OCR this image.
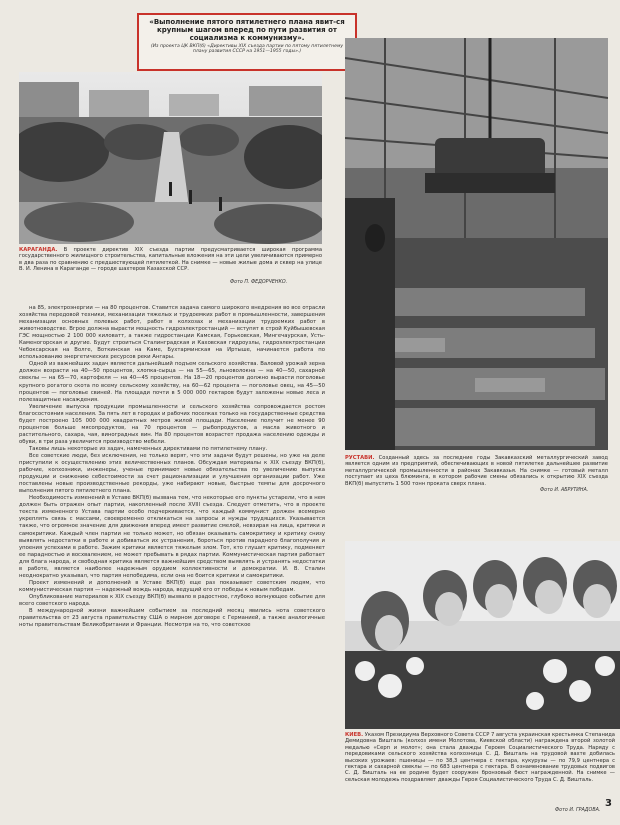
«Выполнение пятого пятилетнего плана явит-ся крупным шагом вперед по пути развития от социализма к коммунизму».
(Из проекта ЦК ВКП(б) «Директивы XIX съезда партии по пятому пятилетнему плану развития СССР на 1951—1955 годы».)
КАРАГАНДА. В проекте директив XIX съезда партии предусматривается широкая программа государственного жилищного строительства, капитальные вложения на эти цели увеличиваются примерно в два раза по сравнению с предшествующей пятилеткой. На снимке — новые жилые дома и сквер на улице В. И. Ленина в Караганде — городе шахтеров Казахской ССР.
Фото П. ФЕДОРЧЕНКО.
РУСТАВИ. Созданный здесь за последние годы Закавказский металлургический завод является одним из предприятий, обеспечивающих в новой пятилетке дальнейшее развитие металлургической промышленности в районах Закавказья. На снимке — готовый металл поступает из цеха блюминга, в котором рабочие смены обязались к открытию XIX съезда ВКП(б) выпустить 1 500 тонн проката сверх плана.
Фото И. АБРУТИНА.
КИЕВ. Указом Президиума Верховного Совета СССР 7 августа украинская крестьянка Степанида Демидовна Вишталь (колхоз имени Молотова, Киевской области) награждена второй золотой медалью «Серп и молот»; она стала дважды Героем Социалистического Труда. Наряду с передовиками сельского хозяйства колхозница С. Д. Вишталь на трудовой вахте добилась высоких урожаев: пшеницы — по 38,3 центнера с гектара, кукурузы — по 79,9 центнера с гектара и сахарной свеклы — по 683 центнера с гектара. В ознаменование трудовых подвигов С. Д. Вишталь на ее родине будет сооружен бронзовый бюст награжденной. На снимке — сельская молодежь поздравляет дважды Героя Социалистического Труда С. Д. Вишталь.
Фото И. ГРАДОВА.

на 85, электроэнергии — на 80 процентов. Ставится задача самого широкого внедрения во все отрасли хозяйства передовой техники, механизации тяжелых и трудоемких работ в промышленности, завершения механизации основных полевых работ, работ в колхозах и механизации трудоемких работ в животноводстве. Вгрое должна вырасти мощность гидроэлектростанций — вступят в строй Куйбышевская ГЭС мощностью 2 100 000 киловатт, а также гидростанции Камская, Горьковская, Мингечаурская, Усть-Каменогорская и другие. Будут строиться Сталинградская и Каховская гидроузлы, гидроэлектростанции Чебоксарская на Волге, Воткинская на Каме, Бухтарминская на Иртыше, начинается работа по использованию энергетических ресурсов реки Ангары.

Одной из важнейших задач является дальнейший подъем сельского хозяйства. Валовой урожай зерна должен возрасти на 40—50 процентов, хлопка-сырца — на 55—65, льноволокна — на 40—50, сахарной свеклы — на 65—70, картофеля — на 40—45 процентов. На 18—20 процентов должно вырасти поголовье крупного рогатого скота по всему сельскому хозяйству, на 60—62 процента — поголовье овец, на 45—50 процентов — поголовье свиней. На площади почти в 5 000 000 гектаров будут заложены новые леса и полезащитные насаждения.

Увеличение выпуска продукции промышленности и сельского хозяйства сопровождается ростом благосостояния населения. За пять лет в городах и рабочих поселках только на государственные средства будет построено 105 000 000 квадратных метров жилой площади. Население получит не менее 90 процентов больше мясопродуктов, на 70 процентов — рыбопродуктов, а масла животного и растительного, сахара, чая, виноградных вин. На 80 процентов возрастет продажа населению одежды и обуви, в три раза увеличится производство мебели.

Таковы лишь некоторые из задач, намеченных директивами по пятилетнему плану.

Все советские люди, без исключения, не только верят, что эти задачи будут решены, но уже на деле приступили к осуществлению этих величественных планов. Обсуждая материалы к XIX съезду ВКП(б), рабочие, колхозники, инженеры, ученые принимают новые обязательства по увеличению выпуска продукции и снижению себестоимости за счет рационализации и улучшения организации работ. Уже поставлены новые производственные рекорды, уже набирают новые, быстрые темпы для досрочного выполнения пятого пятилетнего плана.

Необходимость изменений в Уставе ВКП(б) вызвана тем, что некоторые его пункты устарели, что в нем должен быть отражен опыт партии, накопленный после XVIII съезда. Следует отметить, что в проекте текста измененного Устава партии особо подчеркивается, что каждый коммунист должен всемерно укреплять связь с массами, своевременно откликаться на запросы и нужды трудящихся. Указывается также, что огромное значение для движения вперед имеет развитие смелой, невзирая на лица, критики и самокритики. Каждый член партии не только может, но обязан оказывать самокритику и критику снизу выявлять недостатки в работе и добиваться их устранения, бороться против парадного благополучия и упоения успехами в работе. Зажим критики является тяжелым злом. Тот, кто глушит критику, подменяет ее парадностью и восхвалением, не может пребывать в рядах партии. Коммунистическая партия работает для блага народа, и свободная критика является важнейшим средством выявлять и устранять недостатки в работе, является наиболее надежным орудием коллективности и демократии. И. В. Сталин неоднократно указывал, что партия непобедима, если она не боится критики и самокритики.

Проект изменений и дополнений в Уставе ВКП(б) еще раз показывает советским людям, что коммунистическая партия — надежный вождь народа, ведущий его от победы к новым победам.

Опубликование материалов к XIX съезду ВКП(б) вызвало в радостное, глубоко волнующее событие для всего советского народа.

В международной жизни важнейшим событием за последний месяц явились нота советского правительства от 23 августа правительству США о мирном договоре с Германией, а также аналогичные ноты правительствам Великобритании и Франции. Несмотря на то, что советское

3
